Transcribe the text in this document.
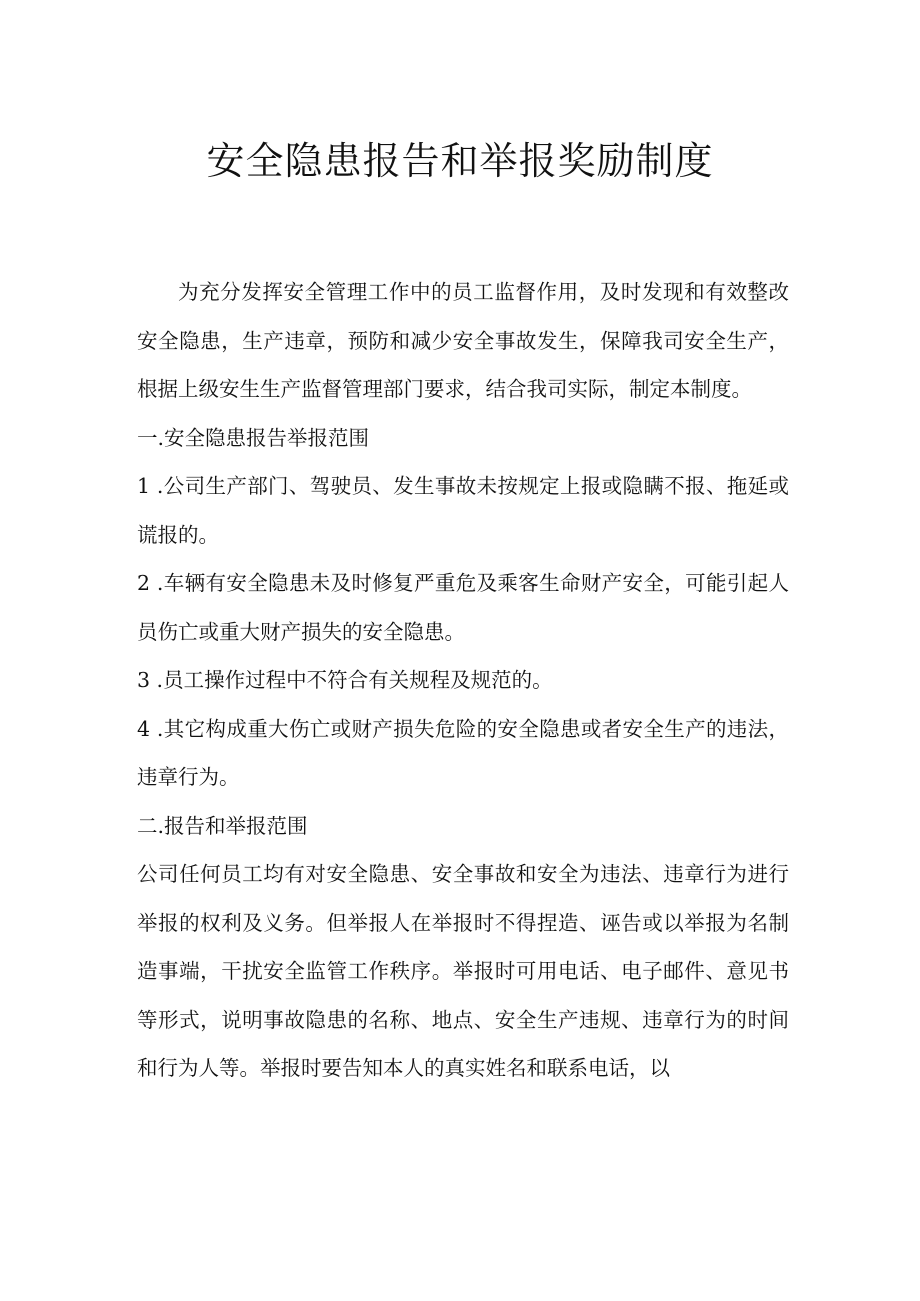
安全隐患报告和举报奖励制度

为充分发挥安全管理工作中的员工监督作用，及时发现和有效整改安全隐患，生产违章，预防和减少安全事故发生，保障我司安全生产，根据上级安生生产监督管理部门要求，结合我司实际，制定本制度。

一.安全隐患报告举报范围

1 .公司生产部门、驾驶员、发生事故未按规定上报或隐瞒不报、拖延或谎报的。

2 .车辆有安全隐患未及时修复严重危及乘客生命财产安全，可能引起人员伤亡或重大财产损失的安全隐患。

3 .员工操作过程中不符合有关规程及规范的。

4 .其它构成重大伤亡或财产损失危险的安全隐患或者安全生产的违法，违章行为。

二.报告和举报范围

公司任何员工均有对安全隐患、安全事故和安全为违法、违章行为进行举报的权利及义务。但举报人在举报时不得捏造、诬告或以举报为名制造事端，干扰安全监管工作秩序。举报时可用电话、电子邮件、意见书等形式，说明事故隐患的名称、地点、安全生产违规、违章行为的时间和行为人等。举报时要告知本人的真实姓名和联系电话，以
